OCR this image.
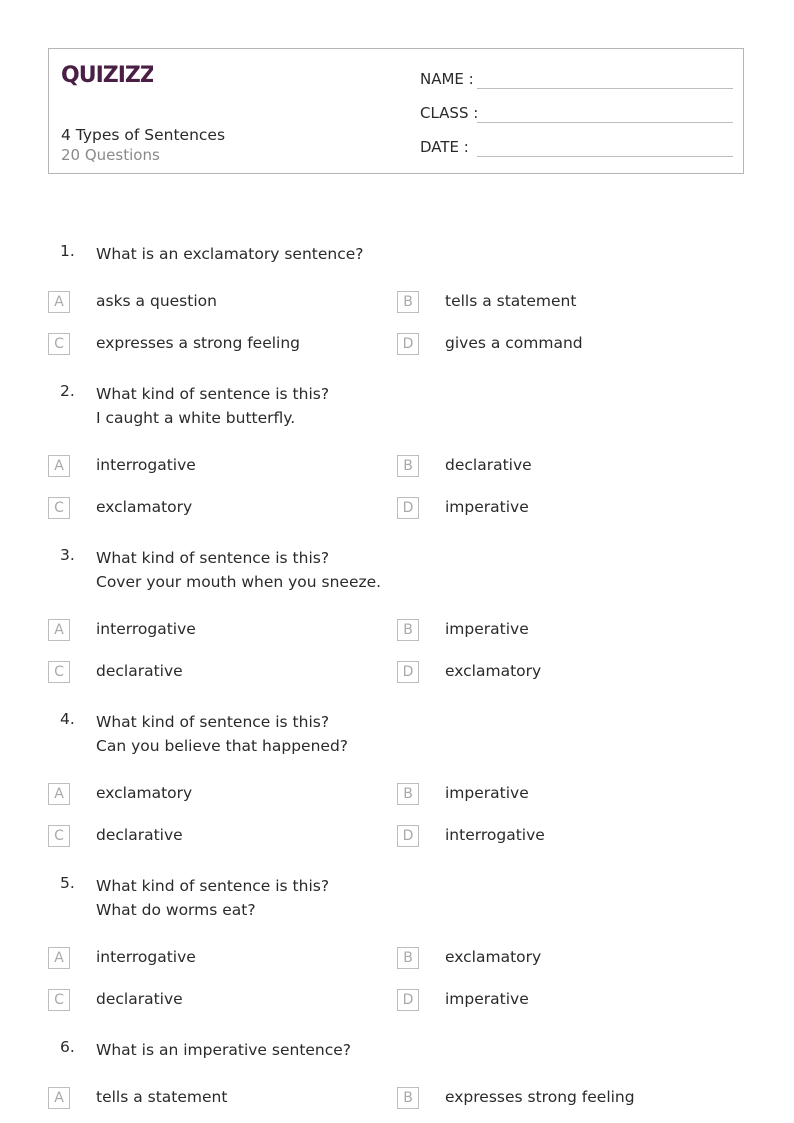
QUIZIZZ
4 Types of Sentences
20 Questions
NAME :
CLASS :
DATE :
1. What is an exclamatory sentence?
A	asks a question	B	tells a statement
C	expresses a strong feeling	D	gives a command
2. What kind of sentence is this?
I caught a white butterfly.
A	interrogative	B	declarative
C	exclamatory	D	imperative
3. What kind of sentence is this?
Cover your mouth when you sneeze.
A	interrogative	B	imperative
C	declarative	D	exclamatory
4. What kind of sentence is this?
Can you believe that happened?
A	exclamatory	B	imperative
C	declarative	D	interrogative
5. What kind of sentence is this?
What do worms eat?
A	interrogative	B	exclamatory
C	declarative	D	imperative
6. What is an imperative sentence?
A	tells a statement	B	expresses strong feeling
